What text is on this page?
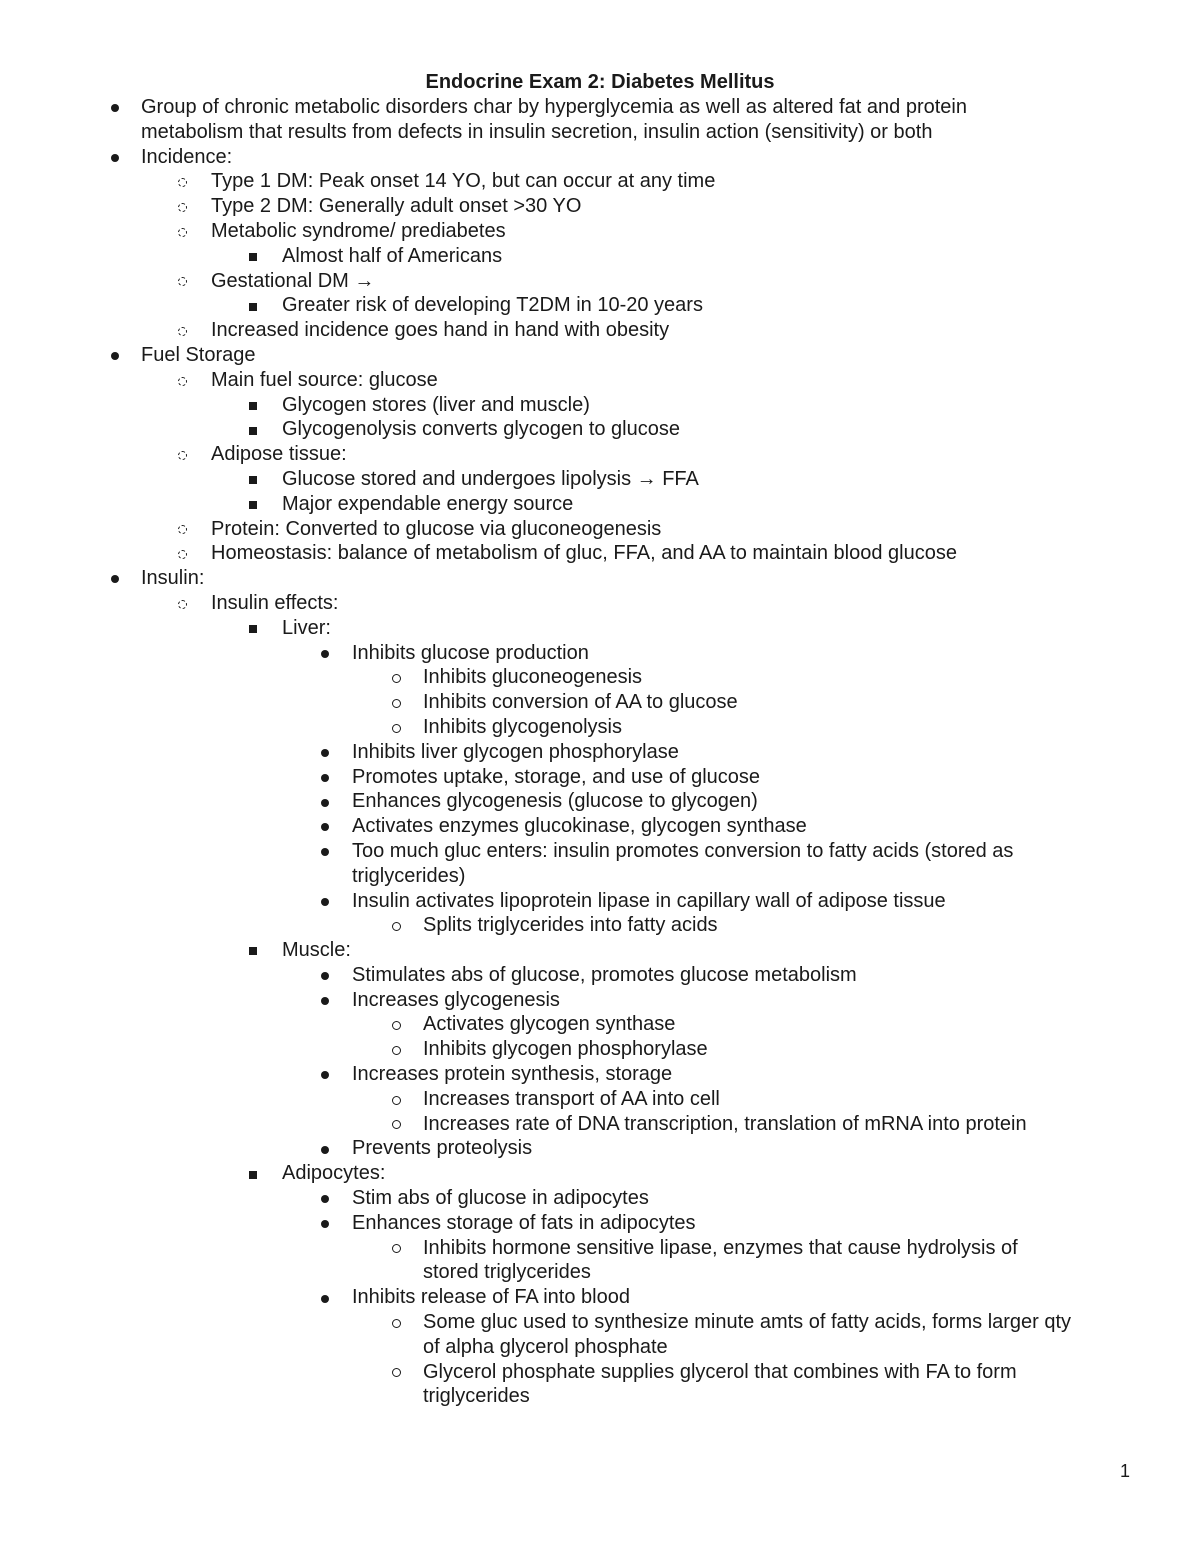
Endocrine Exam 2: Diabetes Mellitus
Group of chronic metabolic disorders char by hyperglycemia as well as altered fat and protein
metabolism that results from defects in insulin secretion, insulin action (sensitivity) or both
Incidence:
Type 1 DM: Peak onset 14 YO, but can occur at any time
Type 2 DM: Generally adult onset >30 YO
Metabolic syndrome/ prediabetes
Almost half of Americans
Gestational DM →
Greater risk of developing T2DM in 10-20 years
Increased incidence goes hand in hand with obesity
Fuel Storage
Main fuel source: glucose
Glycogen stores (liver and muscle)
Glycogenolysis converts glycogen to glucose
Adipose tissue:
Glucose stored and undergoes lipolysis → FFA
Major expendable energy source
Protein: Converted to glucose via gluconeogenesis
Homeostasis: balance of metabolism of gluc, FFA, and AA to maintain blood glucose
Insulin:
Insulin effects:
Liver:
Inhibits glucose production
Inhibits gluconeogenesis
Inhibits conversion of AA to glucose
Inhibits glycogenolysis
Inhibits liver glycogen phosphorylase
Promotes uptake, storage, and use of glucose
Enhances glycogenesis (glucose to glycogen)
Activates enzymes glucokinase, glycogen synthase
Too much gluc enters: insulin promotes conversion to fatty acids (stored as
triglycerides)
Insulin activates lipoprotein lipase in capillary wall of adipose tissue
Splits triglycerides into fatty acids
Muscle:
Stimulates abs of glucose, promotes glucose metabolism
Increases glycogenesis
Activates glycogen synthase
Inhibits glycogen phosphorylase
Increases protein synthesis, storage
Increases transport of AA into cell
Increases rate of DNA transcription, translation of mRNA into protein
Prevents proteolysis
Adipocytes:
Stim abs of glucose in adipocytes
Enhances storage of fats in adipocytes
Inhibits hormone sensitive lipase, enzymes that cause hydrolysis of
stored triglycerides
Inhibits release of FA into blood
Some gluc used to synthesize minute amts of fatty acids, forms larger qty
of alpha glycerol phosphate
Glycerol phosphate supplies glycerol that combines with FA to form
triglycerides
1
